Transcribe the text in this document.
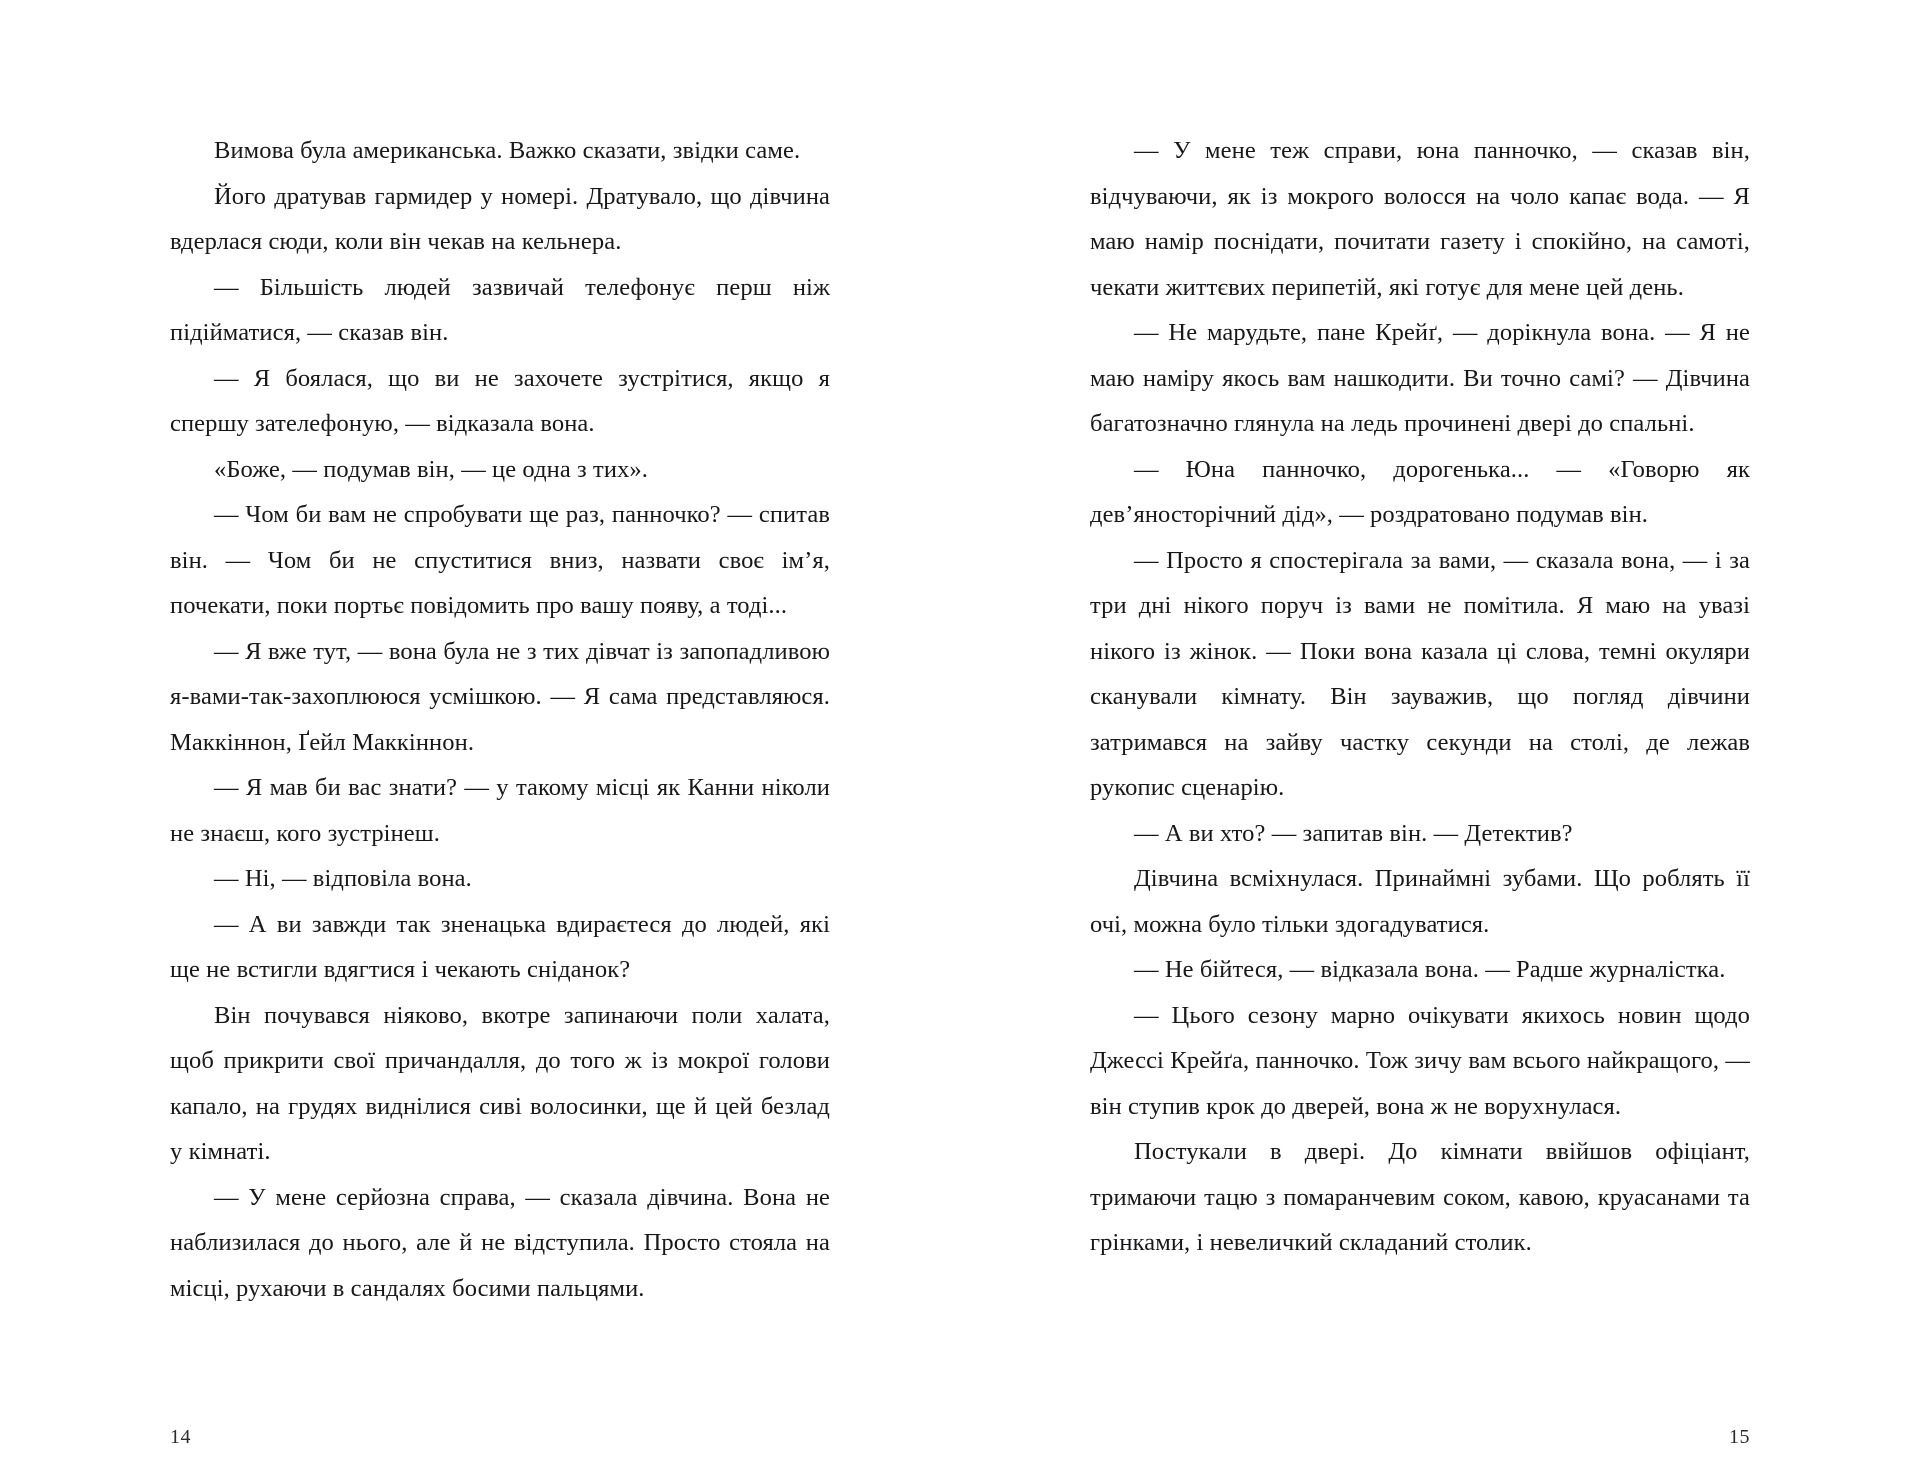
Вимова була американська. Важко сказати, звідки саме.

Його дратував гармидер у номері. Дратувало, що дівчина вдерлася сюди, коли він чекав на кельнера.

— Більшість людей зазвичай телефонує перш ніж підійматися, — сказав він.

— Я боялася, що ви не захочете зустрітися, якщо я спершу зателефоную, — відказала вона.

«Боже, — подумав він, — це одна з тих».

— Чом би вам не спробувати ще раз, панночко? — спитав він. — Чом би не спуститися вниз, назвати своє імʼя, почекати, поки портьє повідомить про вашу появу, а тоді...

— Я вже тут, — вона була не з тих дівчат із запопадливою я-вами-так-захоплююся усмішкою. — Я сама представляюся. Маккіннон, Ґейл Маккіннон.

— Я мав би вас знати? — у такому місці як Канни ніколи не знаєш, кого зустрінеш.

— Ні, — відповіла вона.

— А ви завжди так зненацька вдираєтеся до людей, які ще не встигли вдягтися і чекають сніданок?

Він почувався ніяково, вкотре запинаючи поли халата, щоб прикрити свої причандалля, до того ж із мокрої голови капало, на грудях виднілися сиві волосинки, ще й цей безлад у кімнаті.

— У мене серйозна справа, — сказала дівчина. Вона не наблизилася до нього, але й не відступила. Просто стояла на місці, рухаючи в сандалях босими пальцями.

14

— У мене теж справи, юна панночко, — сказав він, відчуваючи, як із мокрого волосся на чоло капає вода. — Я маю намір поснідати, почитати газету і спокійно, на самоті, чекати життєвих перипетій, які готує для мене цей день.

— Не марудьте, пане Крейґ, — дорікнула вона. — Я не маю наміру якось вам нашкодити. Ви точно самі? — Дівчина багатозначно глянула на ледь прочинені двері до спальні.

— Юна панночко, дорогенька... — «Говорю як девʼяносторічний дід», — роздратовано подумав він.

— Просто я спостерігала за вами, — сказала вона, — і за три дні нікого поруч із вами не помітила. Я маю на увазі нікого із жінок. — Поки вона казала ці слова, темні окуляри сканували кімнату. Він зауважив, що погляд дівчини затримався на зайву частку секунди на столі, де лежав рукопис сценарію.

— А ви хто? — запитав він. — Детектив?

Дівчина всміхнулася. Принаймні зубами. Що роблять її очі, можна було тільки здогадуватися.

— Не бійтеся, — відказала вона. — Радше журналістка.

— Цього сезону марно очікувати якихось новин щодо Джессі Крейґа, панночко. Тож зичу вам всього найкращого, — він ступив крок до дверей, вона ж не ворухнулася.

Постукали в двері. До кімнати ввійшов офіціант, тримаючи тацю з помаранчевим соком, кавою, круасанами та грінками, і невеличкий складаний столик.

15
